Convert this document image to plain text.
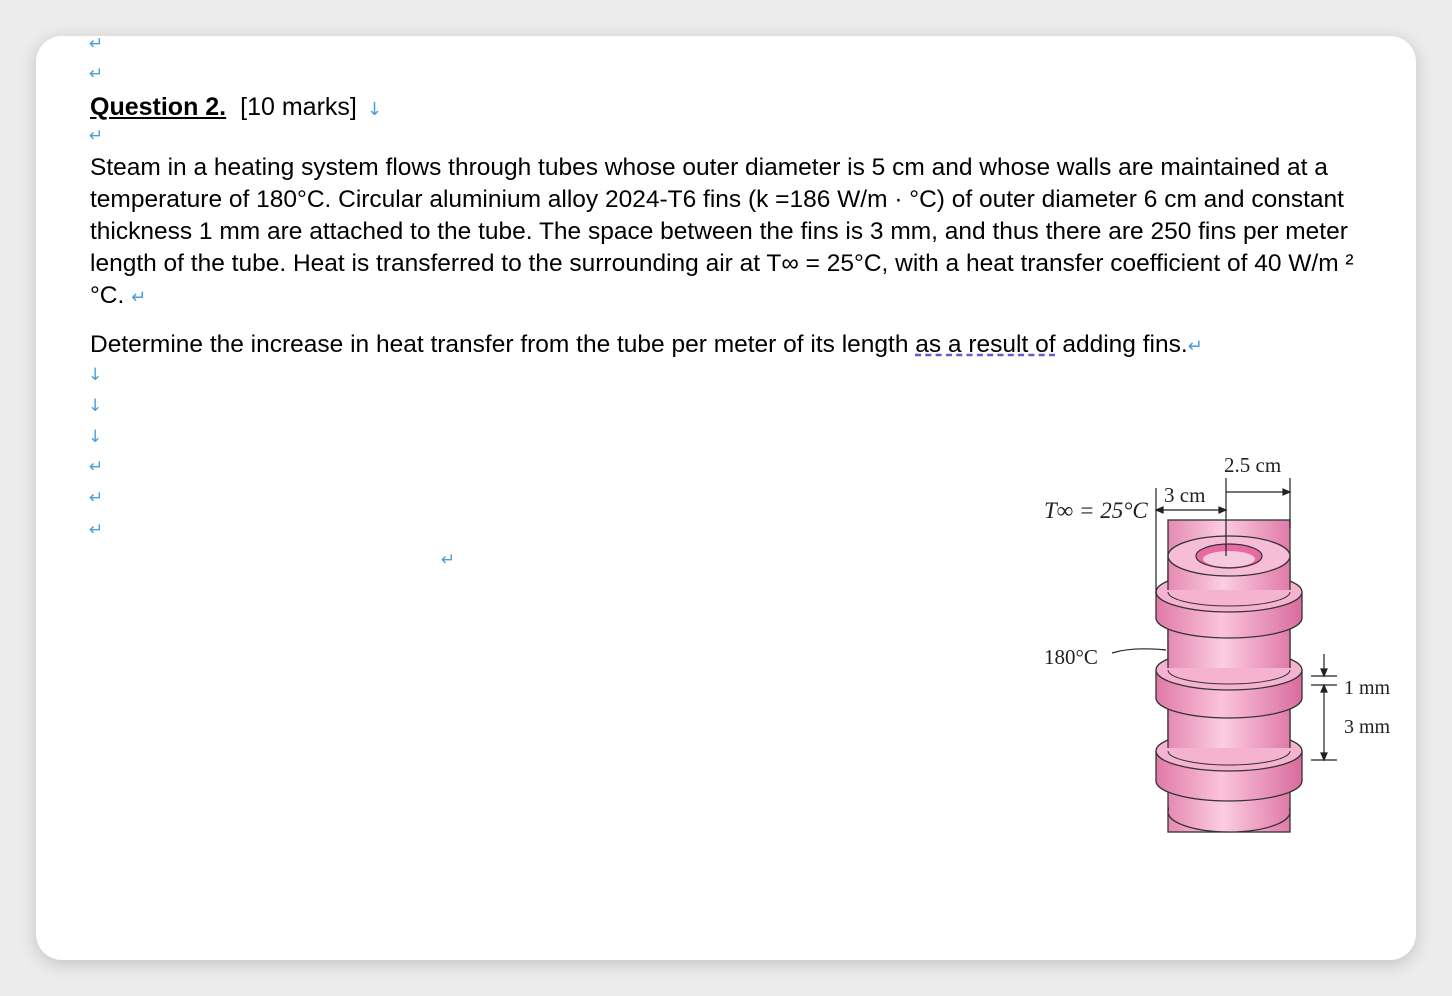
↵
↵
Question 2. [10 marks] ↓
↵
Steam in a heating system flows through tubes whose outer diameter is 5 cm and whose walls are maintained at a temperature of 180°C. Circular aluminium alloy 2024-T6 fins (k =186 W/m · °C) of outer diameter 6 cm and constant thickness 1 mm are attached to the tube. The space between the fins is 3 mm, and thus there are 250 fins per meter length of the tube. Heat is transferred to the surrounding air at T∞ = 25°C, with a heat transfer coefficient of 40 W/m ² °C. ↵
Determine the increase in heat transfer from the tube per meter of its length as a result of adding fins.↵
↓
↓
↓
↵
↵
↵
↵
T∞ = 25°C
3 cm
2.5 cm
180°C
1 mm
3 mm
